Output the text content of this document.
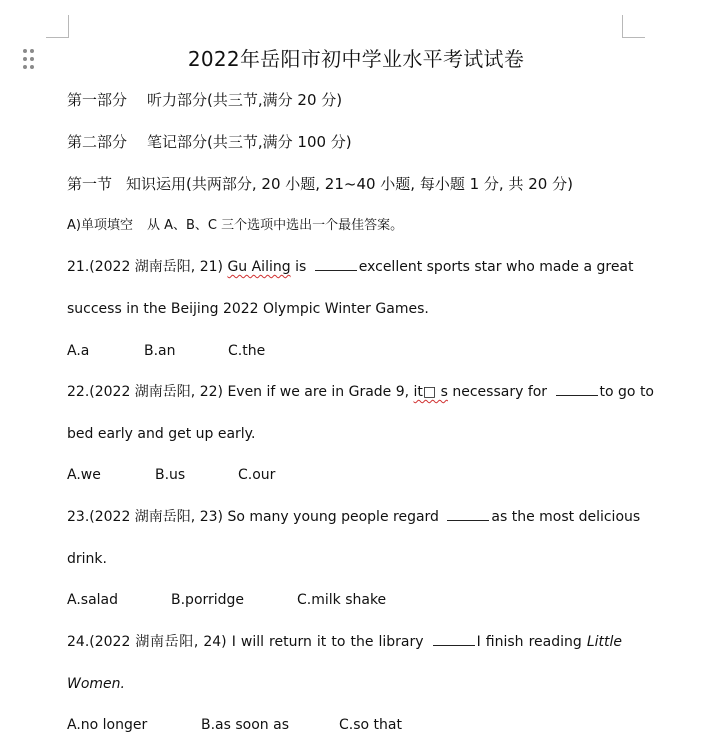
2022年岳阳市初中学业水平考试试卷
第一部分 听力部分(共三节,满分 20 分)
第二部分 笔记部分(共三节,满分 100 分)
第一节 知识运用(共两部分, 20 小题, 21~40 小题, 每小题 1 分, 共 20 分)
A)单项填空 从 A、B、C 三个选项中选出一个最佳答案。
21.(2022 湖南岳阳, 21) Gu Ailing is	excellent sports star who made a great
success in the Beijing 2022 Olympic Winter Games.
A.a	B.an	C.the
22.(2022 湖南岳阳, 22) Even if we are in Grade 9, it□ s necessary for	to go to
bed early and get up early.
A.we	B.us	C.our
23.(2022 湖南岳阳, 23) So many young people regard	as the most delicious
drink.
A.salad	B.porridge	C.milk shake
24.(2022 湖南岳阳, 24) I will return it to the library	I finish reading Little
Women.
A.no longer	B.as soon as	C.so that
